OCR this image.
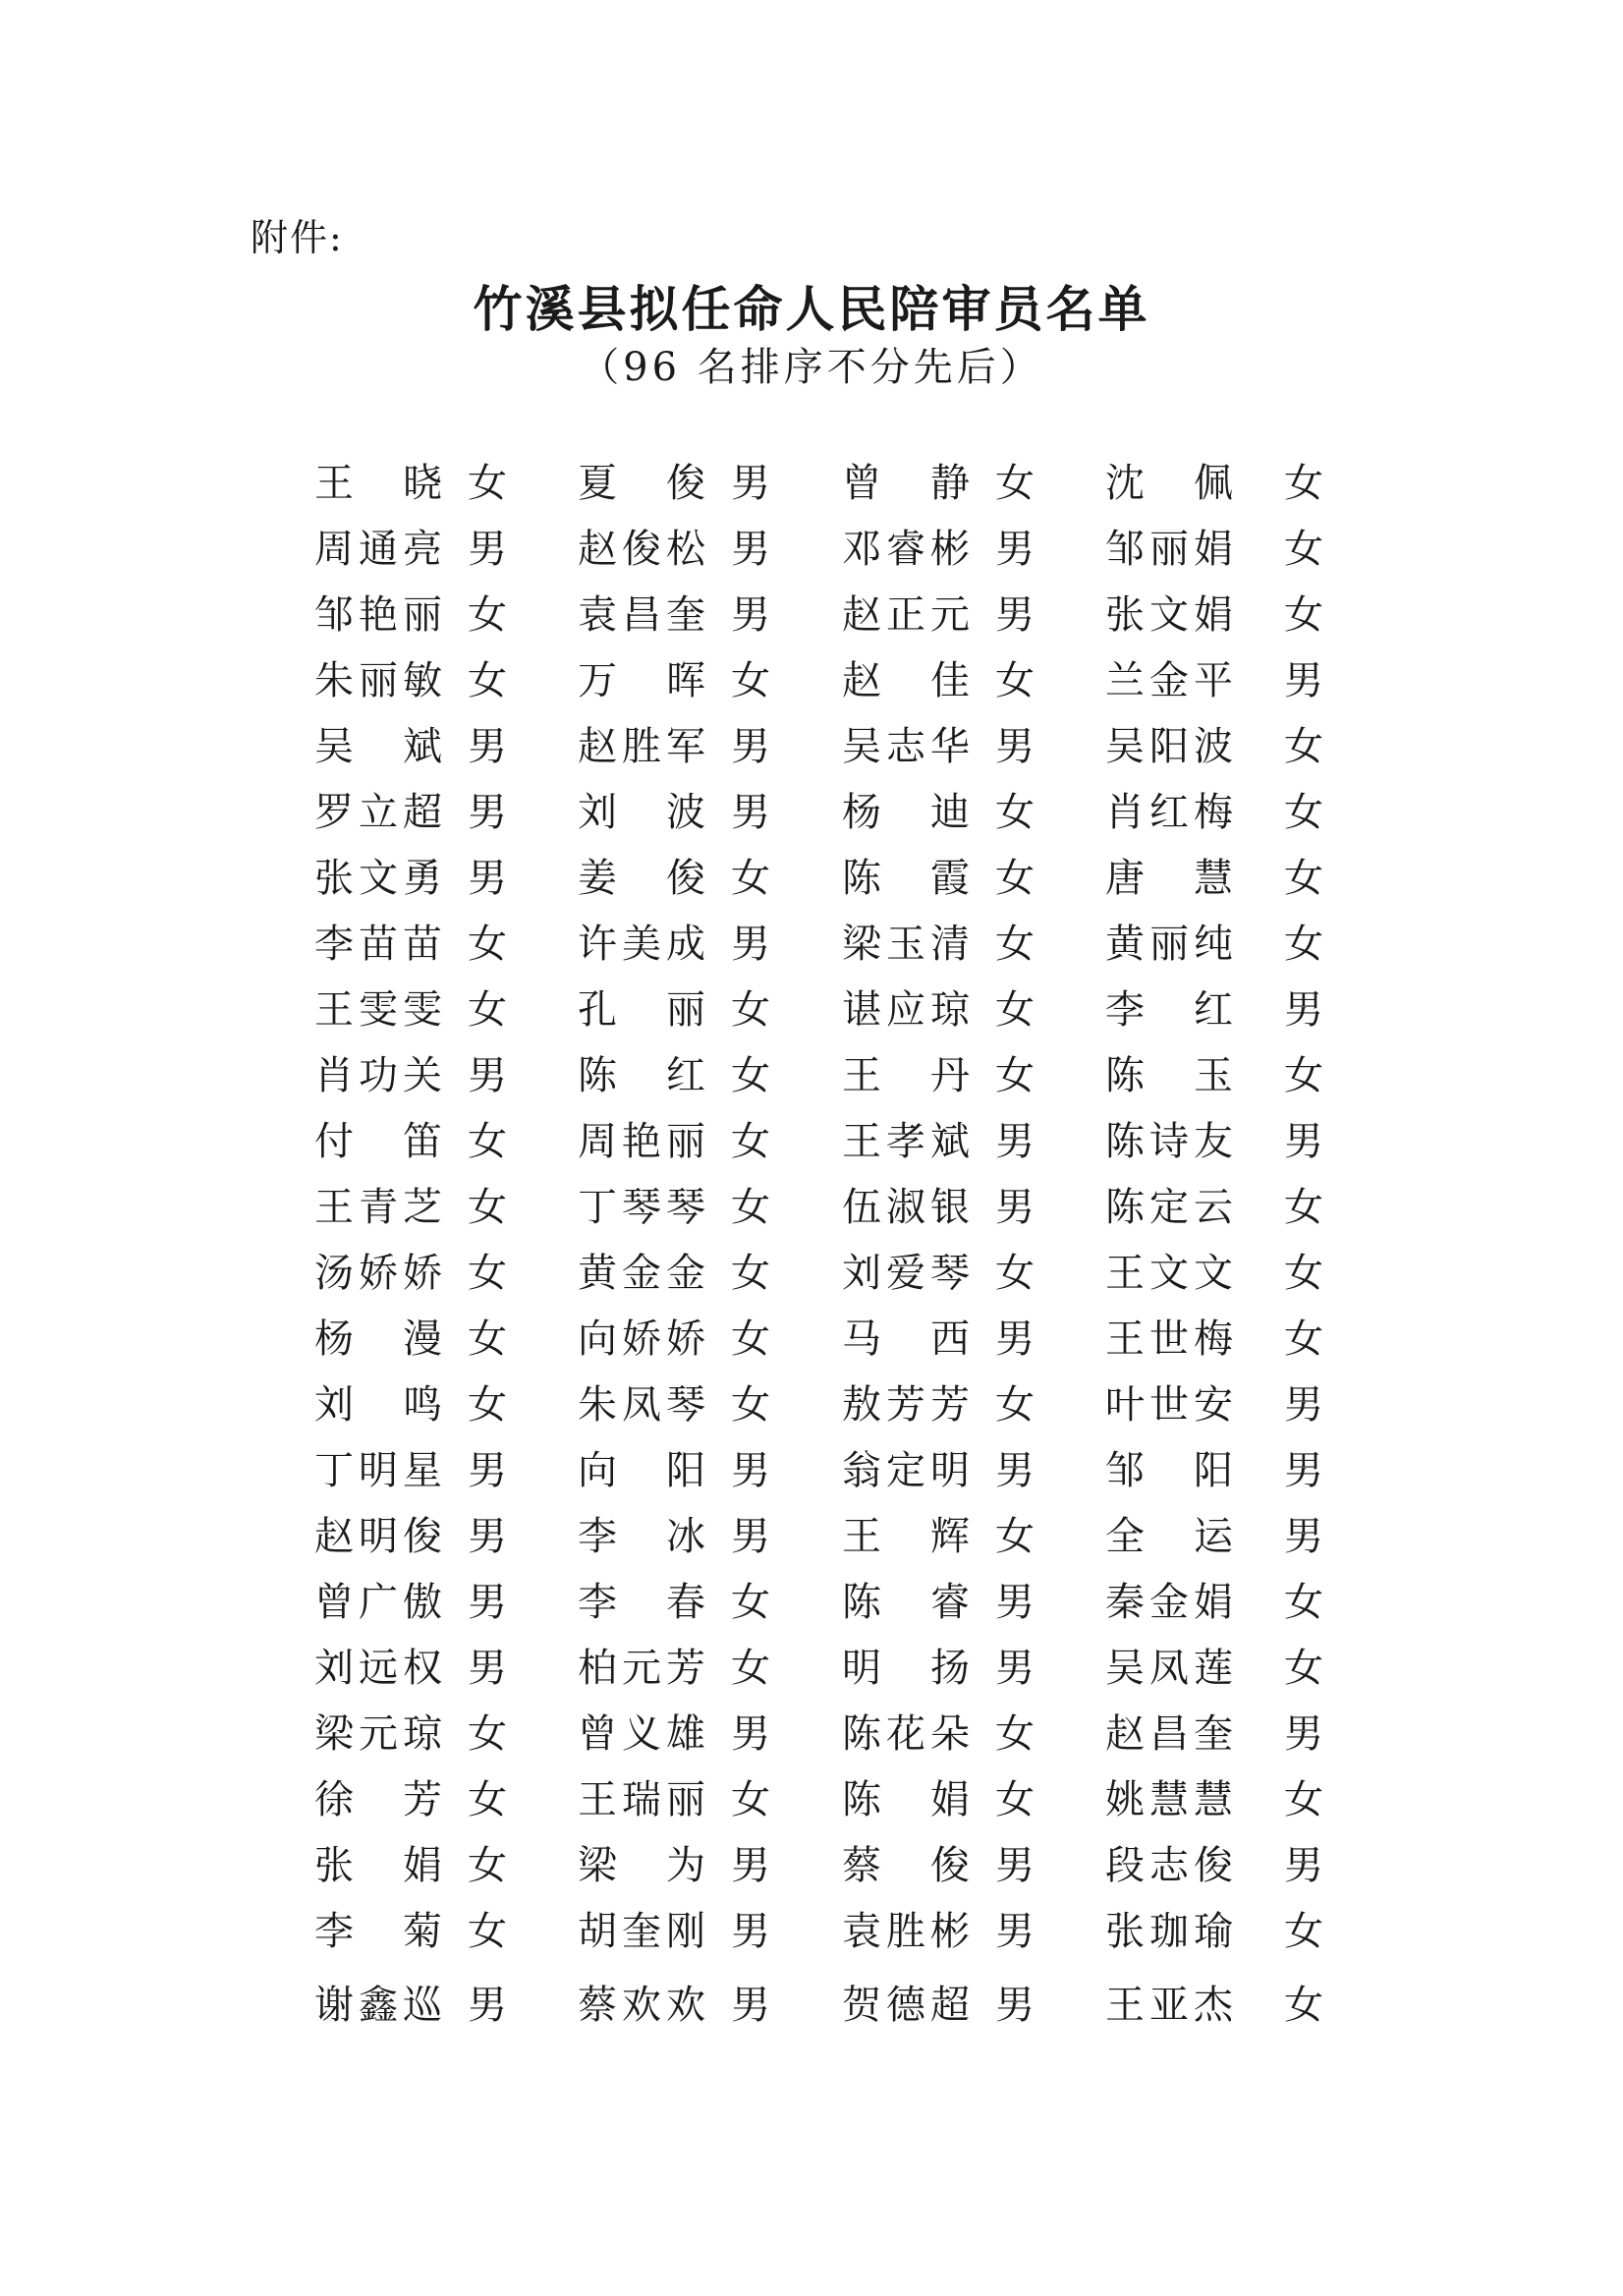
附件:
竹溪县拟任命人民陪审员名单
（96 名排序不分先后）
王
　 晓 女 夏
　 俊 男 曾
　 静 女 沈
　 佩 女
周 通 亮 男 赵 俊 松 男 邓 睿 彬 男 邹 丽 娟 女
邹 艳 丽 女 袁 昌 奎 男 赵 正 元 男 张 文 娟 女
朱 丽 敏 女 万
　 晖 女 赵
　 佳 女 兰 金 平 男
吴
　 斌 男 赵 胜 军 男 吴 志 华 男 吴 阳 波 女
罗 立 超 男 刘
　 波 男 杨
　 迪 女 肖 红 梅 女
张 文 勇 男 姜
　 俊 女 陈
　 霞 女 唐
　 慧 女
李 苗 苗 女 许 美 成 男 梁 玉 清 女 黄 丽 纯 女
王 雯 雯 女 孔
　 丽 女 谌 应 琼 女 李
　 红 男
肖 功 关 男 陈
　 红 女 王
　 丹 女 陈
　 玉 女
付
　 笛 女 周 艳 丽 女 王 孝 斌 男 陈 诗 友 男
王 青 芝 女 丁 琴 琴 女 伍 淑 银 男 陈 定 云 女
汤 娇 娇 女 黄 金 金 女 刘 爱 琴 女 王 文 文 女
杨
　 漫 女 向 娇 娇 女 马
　 西 男 王 世 梅 女
刘
　 鸣 女 朱 凤 琴 女 敖 芳 芳 女 叶 世 安 男
丁 明 星 男 向
　 阳 男 翁 定 明 男 邹
　 阳 男
赵 明 俊 男 李
　 冰 男 王
　 辉 女 全
　 运 男
曾 广 傲 男 李
　 春 女 陈
　 睿 男 秦 金 娟 女
刘 远 权 男 柏 元 芳 女 明
　 扬 男 吴 凤 莲 女
梁 元 琼 女 曾 义 雄 男 陈 花 朵 女 赵 昌 奎 男
徐
　 芳 女 王 瑞 丽 女 陈
　 娟 女 姚 慧 慧 女
张
　 娟 女 梁
　 为 男 蔡
　 俊 男 段 志 俊 男
李
　 菊 女 胡 奎 刚 男 袁 胜 彬 男 张 珈 瑜 女
谢 鑫 巡 男 蔡 欢 欢 男 贺 德 超 男 王 亚 杰 女
